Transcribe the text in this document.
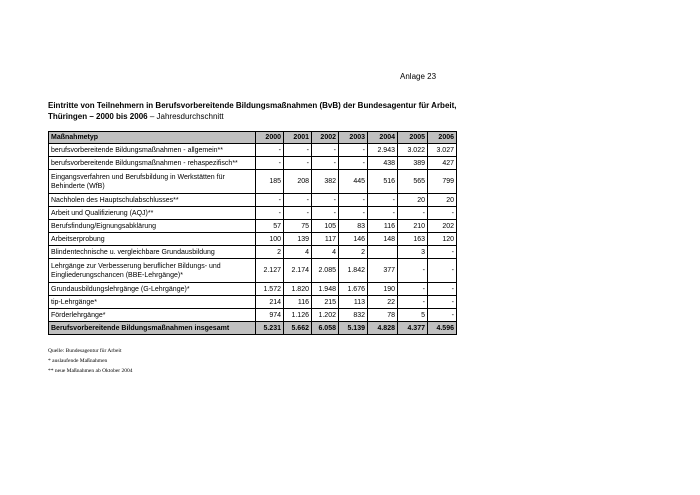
Anlage 23
Eintritte von Teilnehmern in Berufsvorbereitende Bildungsmaßnahmen (BvB) der Bundesagentur für Arbeit,
Thüringen – 2000 bis 2006 – Jahresdurchschnitt
Maßnahmetyp	2000	2001	2002	2003	2004	2005	2006
berufsvorbereitende Bildungsmaßnahmen - allgemein**	-	-	-	-	2.943	3.022	3.027
berufsvorbereitende Bildungsmaßnahmen - rehaspezifisch**	-	-	-	-	438	389	427
Eingangsverfahren und Berufsbildung in Werkstätten für Behinderte (WfB)	185	208	382	445	516	565	799
Nachholen des Hauptschulabschlusses**	-	-	-	-	-	20	20
Arbeit und Qualifizierung (AQJ)**	-	-	-	-	-	-	-
Berufsfindung/Eignungsabklärung	57	75	105	83	116	210	202
Arbeitserprobung	100	139	117	146	148	163	120
Blindentechnische u. vergleichbare Grundausbildung	2	4	4	2		3	-
Lehrgänge zur Verbesserung beruflicher Bildungs- und Eingliederungschancen (BBE-Lehrgänge)*	2.127	2.174	2.085	1.842	377	-	-
Grundausbildungslehrgänge (G-Lehrgänge)*	1.572	1.820	1.948	1.676	190	-	-
tip-Lehrgänge*	214	116	215	113	22	-	-
Förderlehrgänge*	974	1.126	1.202	832	78	5	-
Berufsvorbereitende Bildungsmaßnahmen insgesamt	5.231	5.662	6.058	5.139	4.828	4.377	4.596
Quelle: Bundesagentur für Arbeit
* auslaufende Maßnahmen
** neue Maßnahmen ab Oktober 2004
